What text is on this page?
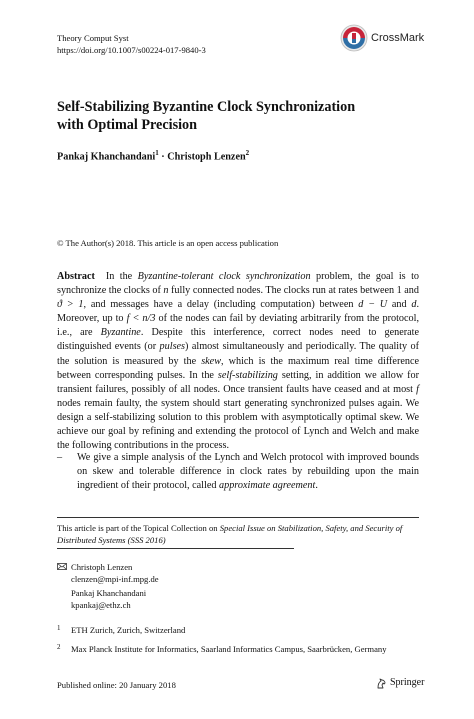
Theory Comput Syst
https://doi.org/10.1007/s00224-017-9840-3
CrossMark
Self-Stabilizing Byzantine Clock Synchronization
with Optimal Precision
Pankaj Khanchandani$^1$ · Christoph Lenzen$^2$
© The Author(s) 2018. This article is an open access publication
Abstract In the Byzantine-tolerant clock synchronization problem, the goal is to synchronize the clocks of n fully connected nodes. The clocks run at rates between 1 and ϑ > 1, and messages have a delay (including computation) between d − U and d. Moreover, up to f < n/3 of the nodes can fail by deviating arbitrarily from the protocol, i.e., are Byzantine. Despite this interference, correct nodes need to generate distinguished events (or pulses) almost simultaneously and periodically. The quality of the solution is measured by the skew, which is the maximum real time difference between corresponding pulses. In the self-stabilizing setting, in addition we allow for transient failures, possibly of all nodes. Once transient faults have ceased and at most f nodes remain faulty, the system should start generating synchronized pulses again. We design a self-stabilizing solution to this problem with asymptotically optimal skew. We achieve our goal by refining and extending the protocol of Lynch and Welch and make the following contributions in the process.
– We give a simple analysis of the Lynch and Welch protocol with improved bounds on skew and tolerable difference in clock rates by rebuilding upon the main ingredient of their protocol, called approximate agreement.
This article is part of the Topical Collection on Special Issue on Stabilization, Safety, and Security of Distributed Systems (SSS 2016)
Christoph Lenzen
clenzen@mpi-inf.mpg.de
Pankaj Khanchandani
kpankaj@ethz.ch
1 ETH Zurich, Zurich, Switzerland
2 Max Planck Institute for Informatics, Saarland Informatics Campus, Saarbrücken, Germany
Published online: 20 January 2018	Springer
